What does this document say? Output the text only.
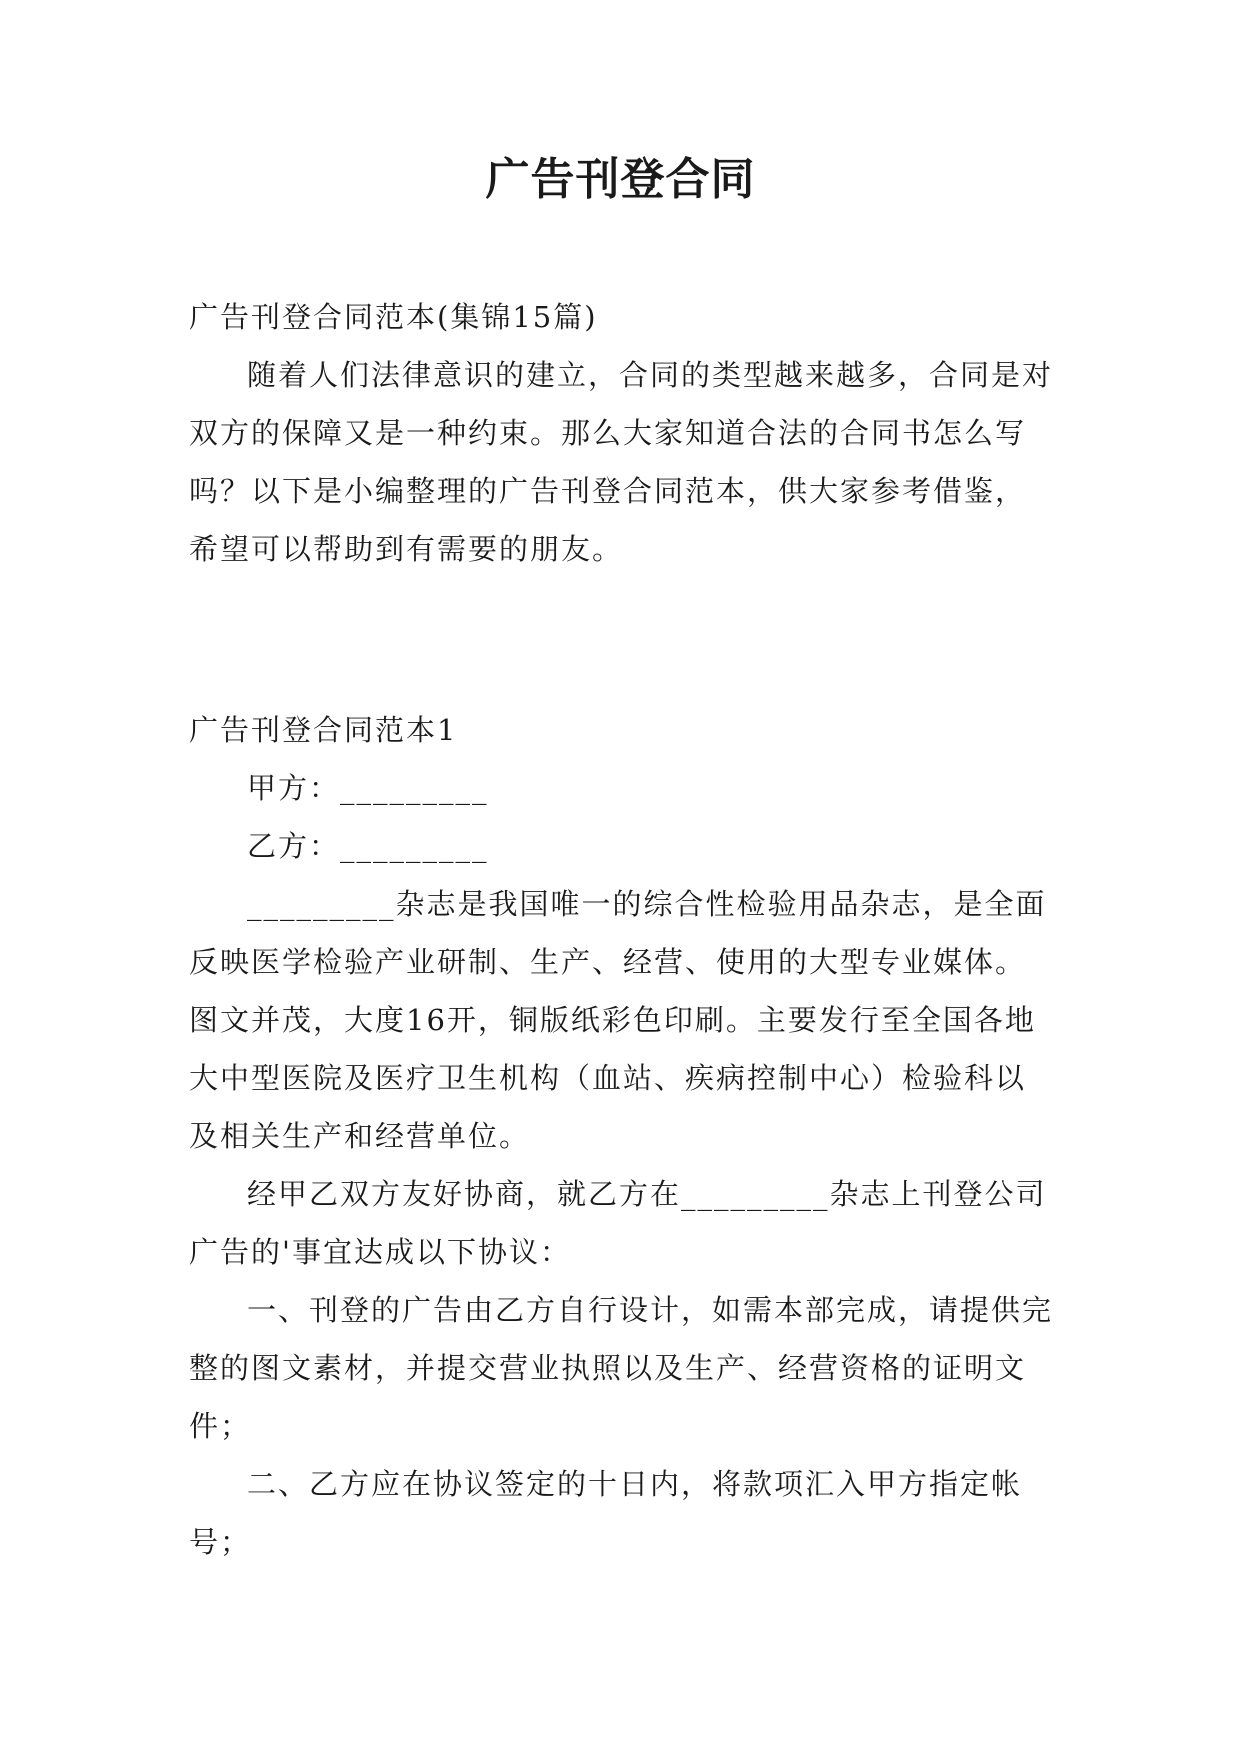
广告刊登合同

广告刊登合同范本(集锦15篇)

随着人们法律意识的建立，合同的类型越来越多，合同是对双方的保障又是一种约束。那么大家知道合法的合同书怎么写吗？以下是小编整理的广告刊登合同范本，供大家参考借鉴，希望可以帮助到有需要的朋友。

广告刊登合同范本1

甲方：_________

乙方：_________

_________杂志是我国唯一的综合性检验用品杂志，是全面反映医学检验产业研制、生产、经营、使用的大型专业媒体。图文并茂，大度16开，铜版纸彩色印刷。主要发行至全国各地大中型医院及医疗卫生机构（血站、疾病控制中心）检验科以及相关生产和经营单位。

经甲乙双方友好协商，就乙方在_________杂志上刊登公司广告的'事宜达成以下协议：

一、刊登的广告由乙方自行设计，如需本部完成，请提供完整的图文素材，并提交营业执照以及生产、经营资格的证明文件；

二、乙方应在协议签定的十日内，将款项汇入甲方指定帐号；
